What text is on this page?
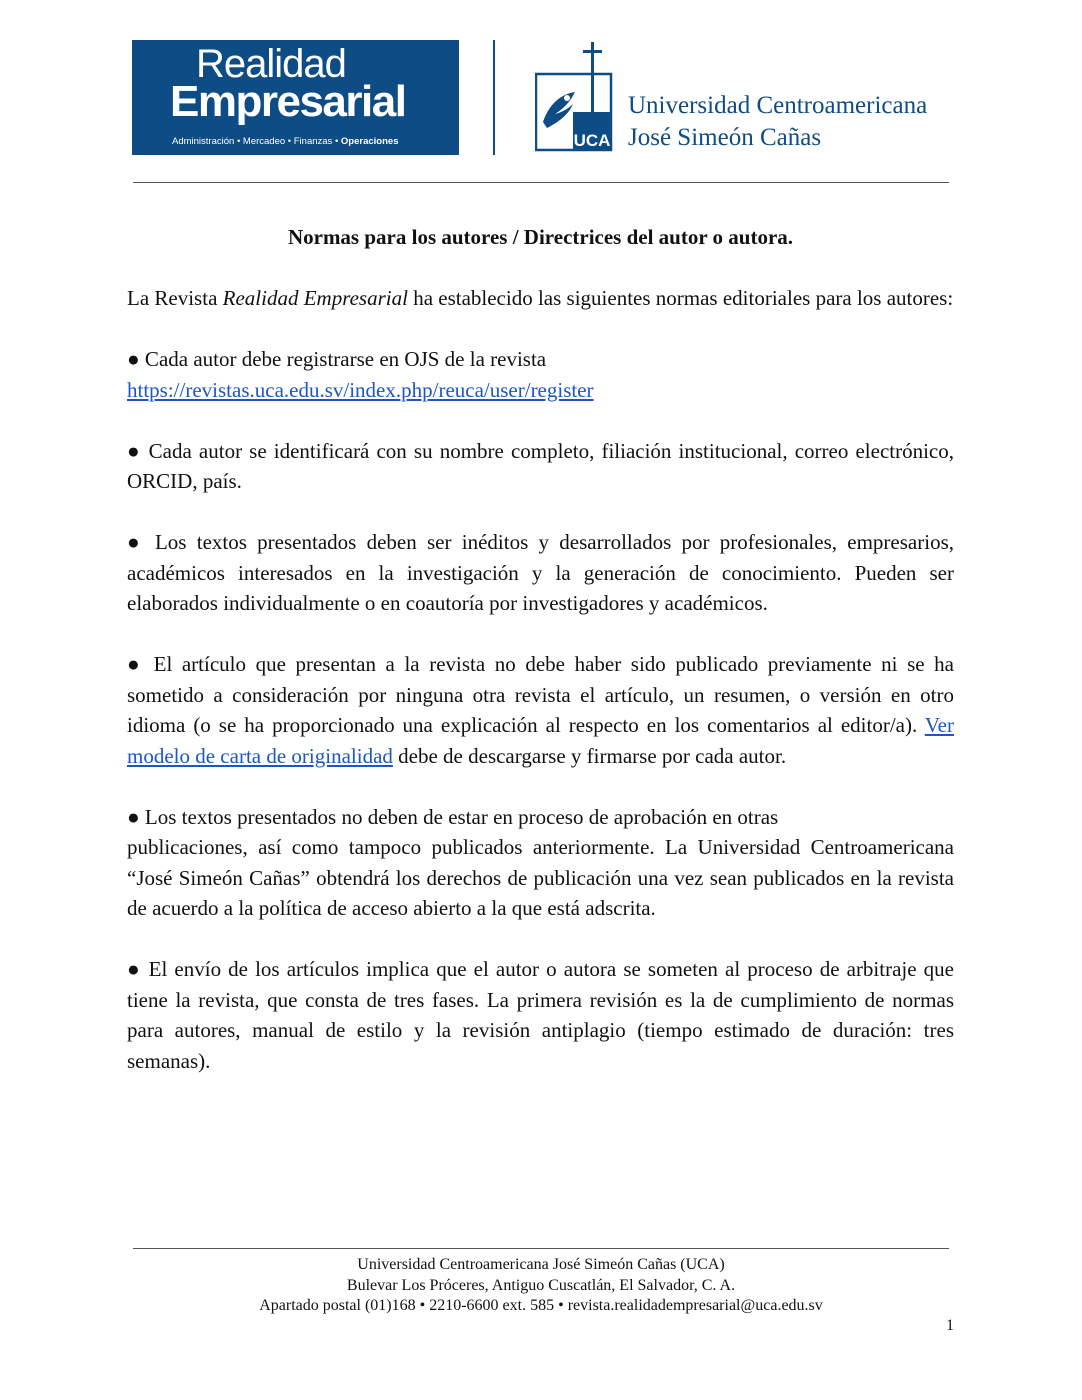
Realidad
Empresarial
Administración • Mercadeo • Finanzas • Operaciones	UCA
Universidad Centroamericana
José Simeón Cañas

Normas para los autores / Directrices del autor o autora.

La Revista Realidad Empresarial ha establecido las siguientes normas editoriales para los autores:

● Cada autor debe registrarse en OJS de la revista
https://revistas.uca.edu.sv/index.php/reuca/user/register

● Cada autor se identificará con su nombre completo, filiación institucional, correo electrónico, ORCID, país.

● Los textos presentados deben ser inéditos y desarrollados por profesionales, empresarios, académicos interesados en la investigación y la generación de conocimiento. Pueden ser elaborados individualmente o en coautoría por investigadores y académicos.

● El artículo que presentan a la revista no debe haber sido publicado previamente ni se ha sometido a consideración por ninguna otra revista el artículo, un resumen, o versión en otro idioma (o se ha proporcionado una explicación al respecto en los comentarios al editor/a). Ver modelo de carta de originalidad debe de descargarse y firmarse por cada autor.

● Los textos presentados no deben de estar en proceso de aprobación en otras
publicaciones, así como tampoco publicados anteriormente. La Universidad Centroamericana “José Simeón Cañas” obtendrá los derechos de publicación una vez sean publicados en la revista de acuerdo a la política de acceso abierto a la que está adscrita.

● El envío de los artículos implica que el autor o autora se someten al proceso de arbitraje que tiene la revista, que consta de tres fases. La primera revisión es la de cumplimiento de normas para autores, manual de estilo y la revisión antiplagio (tiempo estimado de duración: tres semanas).

Universidad Centroamericana José Simeón Cañas (UCA)
Bulevar Los Próceres, Antiguo Cuscatlán, El Salvador, C. A.
Apartado postal (01)168 • 2210-6600 ext. 585 • revista.realidadempresarial@uca.edu.sv
1
